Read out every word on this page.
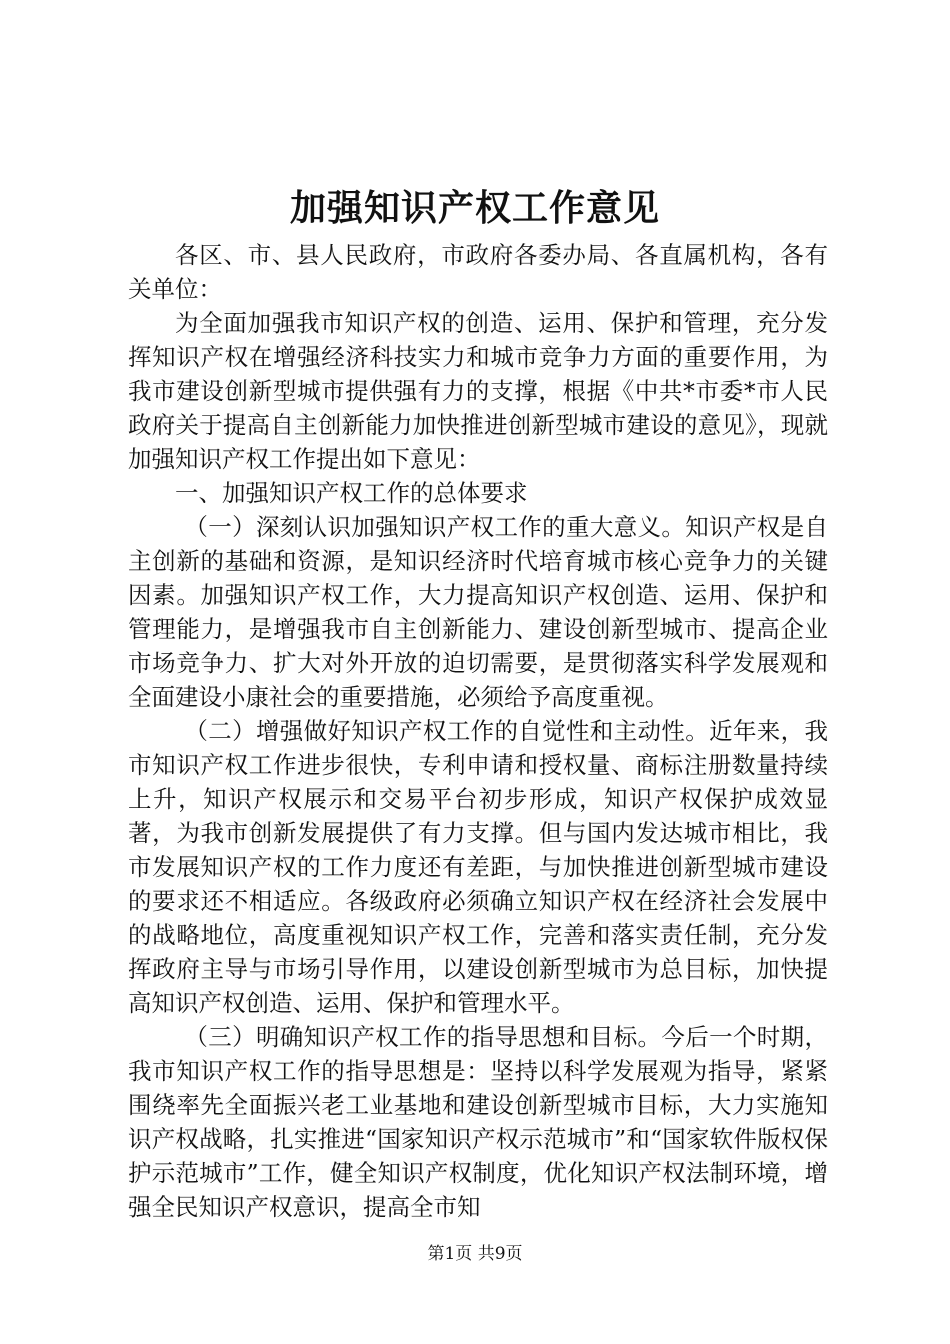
加强知识产权工作意见

各区、市、县人民政府，市政府各委办局、各直属机构，各有关单位：

为全面加强我市知识产权的创造、运用、保护和管理，充分发挥知识产权在增强经济科技实力和城市竞争力方面的重要作用，为我市建设创新型城市提供强有力的支撑，根据《中共*市委*市人民政府关于提高自主创新能力加快推进创新型城市建设的意见》，现就加强知识产权工作提出如下意见：

一、加强知识产权工作的总体要求

（一）深刻认识加强知识产权工作的重大意义。知识产权是自主创新的基础和资源，是知识经济时代培育城市核心竞争力的关键因素。加强知识产权工作，大力提高知识产权创造、运用、保护和管理能力，是增强我市自主创新能力、建设创新型城市、提高企业市场竞争力、扩大对外开放的迫切需要，是贯彻落实科学发展观和全面建设小康社会的重要措施，必须给予高度重视。

（二）增强做好知识产权工作的自觉性和主动性。近年来，我市知识产权工作进步很快，专利申请和授权量、商标注册数量持续上升，知识产权展示和交易平台初步形成，知识产权保护成效显著，为我市创新发展提供了有力支撑。但与国内发达城市相比，我市发展知识产权的工作力度还有差距，与加快推进创新型城市建设的要求还不相适应。各级政府必须确立知识产权在经济社会发展中的战略地位，高度重视知识产权工作，完善和落实责任制，充分发挥政府主导与市场引导作用，以建设创新型城市为总目标，加快提高知识产权创造、运用、保护和管理水平。

（三）明确知识产权工作的指导思想和目标。今后一个时期，我市知识产权工作的指导思想是：坚持以科学发展观为指导，紧紧围绕率先全面振兴老工业基地和建设创新型城市目标，大力实施知识产权战略，扎实推进“国家知识产权示范城市”和“国家软件版权保护示范城市”工作，健全知识产权制度，优化知识产权法制环境，增强全民知识产权意识，提高全市知

第1页 共9页
